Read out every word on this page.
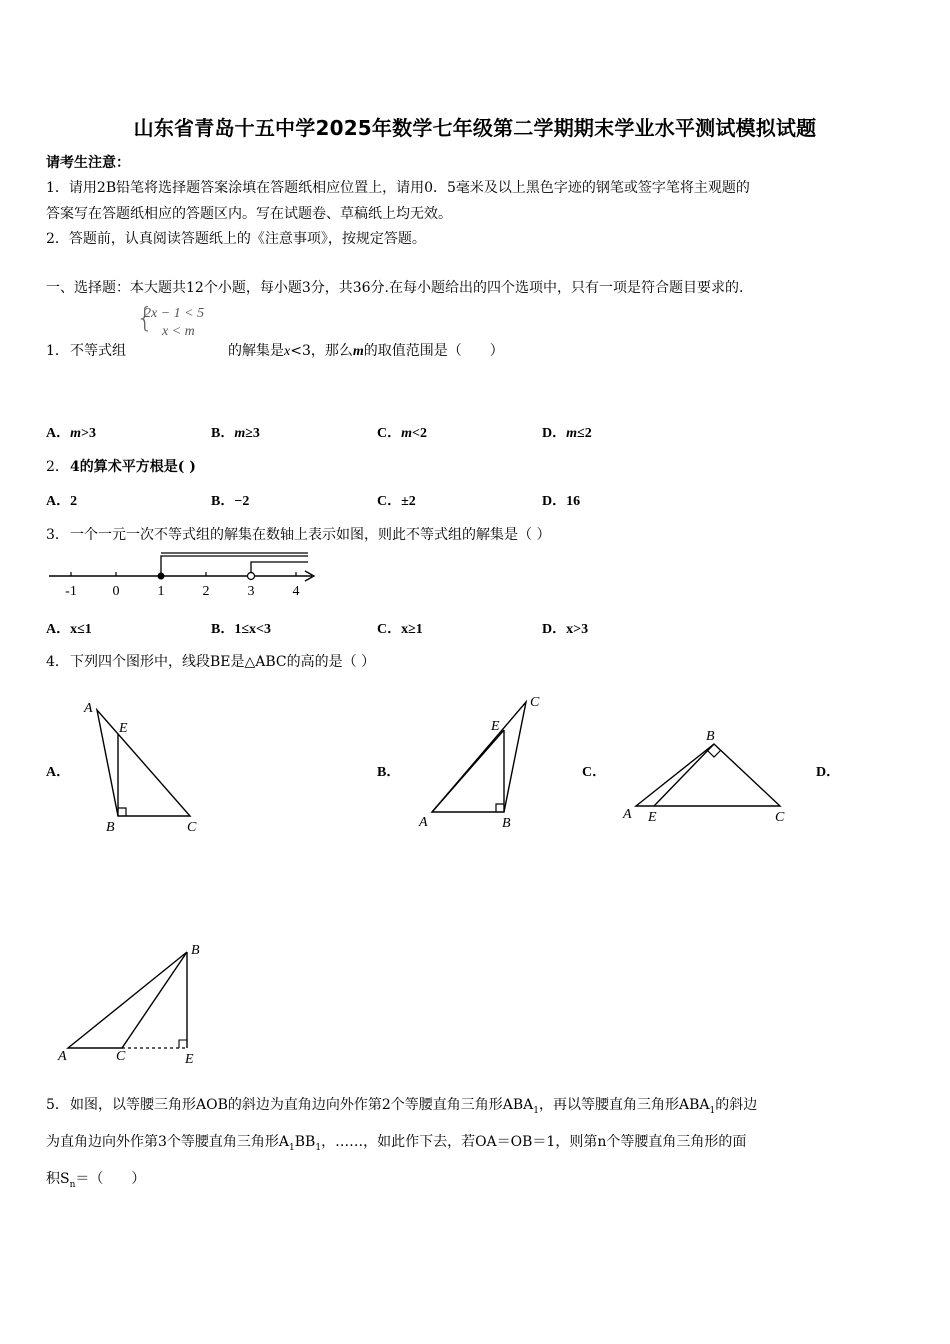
山东省青岛十五中学2025年数学七年级第二学期期末学业水平测试模拟试题
请考生注意：
1．请用2B铅笔将选择题答案涂填在答题纸相应位置上，请用0．5毫米及以上黑色字迹的钢笔或签字笔将主观题的
答案写在答题纸相应的答题区内。写在试题卷、草稿纸上均无效。
2．答题前，认真阅读答题纸上的《注意事项》，按规定答题。
一、选择题：本大题共12个小题，每小题3分，共36分.在每小题给出的四个选项中，只有一项是符合题目要求的.
1． 不等式组
{
2x − 1 < 5
x < m
的解集是x<3，那么m的取值范围是（　　）
A．m>3	B．m≥3	C．m<2	D．m≤2
2． 4的算术平方根是( )
A．2	B．−2	C．±2	D．16
3． 一个一元一次不等式组的解集在数轴上表示如图，则此不等式组的解集是（ ）
-1	0	1	2	3	4
A．x≤1	B．1≤x<3	C．x≥1	D．x>3
4． 下列四个图形中，线段BE是△ABC的高的是（ ）
A．	B．	C．	D．
A
E
B	C
C
E
A	B
B
A E	C
B
A	C	E
5． 如图，以等腰三角形AOB的斜边为直角边向外作第2个等腰直角三角形$ABA_1$，再以等腰直角三角形$ABA_1$的斜边
为直角边向外作第3个等腰直角三角形$A_1BB_1$，……，如此作下去，若OA＝OB＝1，则第n个等腰直角三角形的面
积$S_n=$（　　）
